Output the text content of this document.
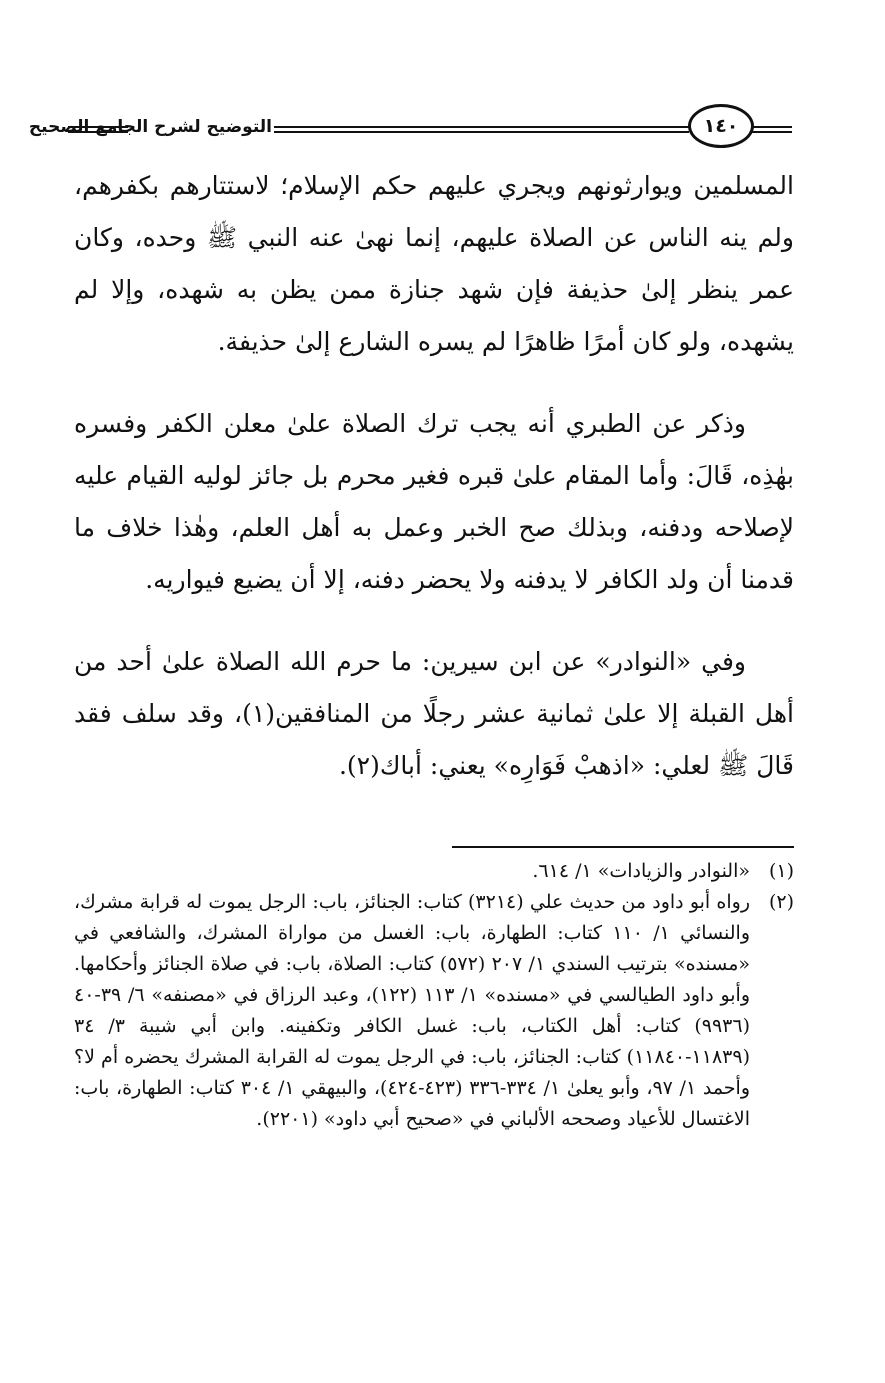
التوضيح لشرح الجامع الصحيح	١٤٠

المسلمين ويوارثونهم ويجري عليهم حكم الإسلام؛ لاستتارهم بكفرهم، ولم ينه الناس عن الصلاة عليهم، إنما نهىٰ عنه النبي ﷺ وحده، وكان عمر ينظر إلىٰ حذيفة فإن شهد جنازة ممن يظن به شهده، وإلا لم يشهده، ولو كان أمرًا ظاهرًا لم يسره الشارع إلىٰ حذيفة.

وذكر عن الطبري أنه يجب ترك الصلاة علىٰ معلن الكفر وفسره بهٰذِه، قَالَ: وأما المقام علىٰ قبره فغير محرم بل جائز لوليه القيام عليه لإصلاحه ودفنه، وبذلك صح الخبر وعمل به أهل العلم، وهٰذا خلاف ما قدمنا أن ولد الكافر لا يدفنه ولا يحضر دفنه، إلا أن يضيع فيواريه.

وفي «النوادر» عن ابن سيرين: ما حرم الله الصلاة علىٰ أحد من أهل القبلة إلا علىٰ ثمانية عشر رجلًا من المنافقين(١)، وقد سلف فقد قَالَ ﷺ لعلي: «اذهبْ فَوَارِه» يعني: أباك(٢).

(١)
«النوادر والزيادات» ١/ ٦١٤.
(٢)
رواه أبو داود من حديث علي (٣٢١٤) كتاب: الجنائز، باب: الرجل يموت له قرابة مشرك، والنسائي ١/ ١١٠ كتاب: الطهارة، باب: الغسل من مواراة المشرك، والشافعي في «مسنده» بترتيب السندي ١/ ٢٠٧ (٥٧٢) كتاب: الصلاة، باب: في صلاة الجنائز وأحكامها. وأبو داود الطيالسي في «مسنده» ١/ ١١٣ (١٢٢)، وعبد الرزاق في «مصنفه» ٦/ ٣٩-٤٠ (٩٩٣٦) كتاب: أهل الكتاب، باب: غسل الكافر وتكفينه. وابن أبي شيبة ٣/ ٣٤ (١١٨٣٩-١١٨٤٠) كتاب: الجنائز، باب: في الرجل يموت له القرابة المشرك يحضره أم لا؟ وأحمد ١/ ٩٧، وأبو يعلىٰ ١/ ٣٣٤-٣٣٦ (٤٢٣-٤٢٤)، والبيهقي ١/ ٣٠٤ كتاب: الطهارة، باب: الاغتسال للأعياد وصححه الألباني في «صحيح أبي داود» (٢٢٠١).
